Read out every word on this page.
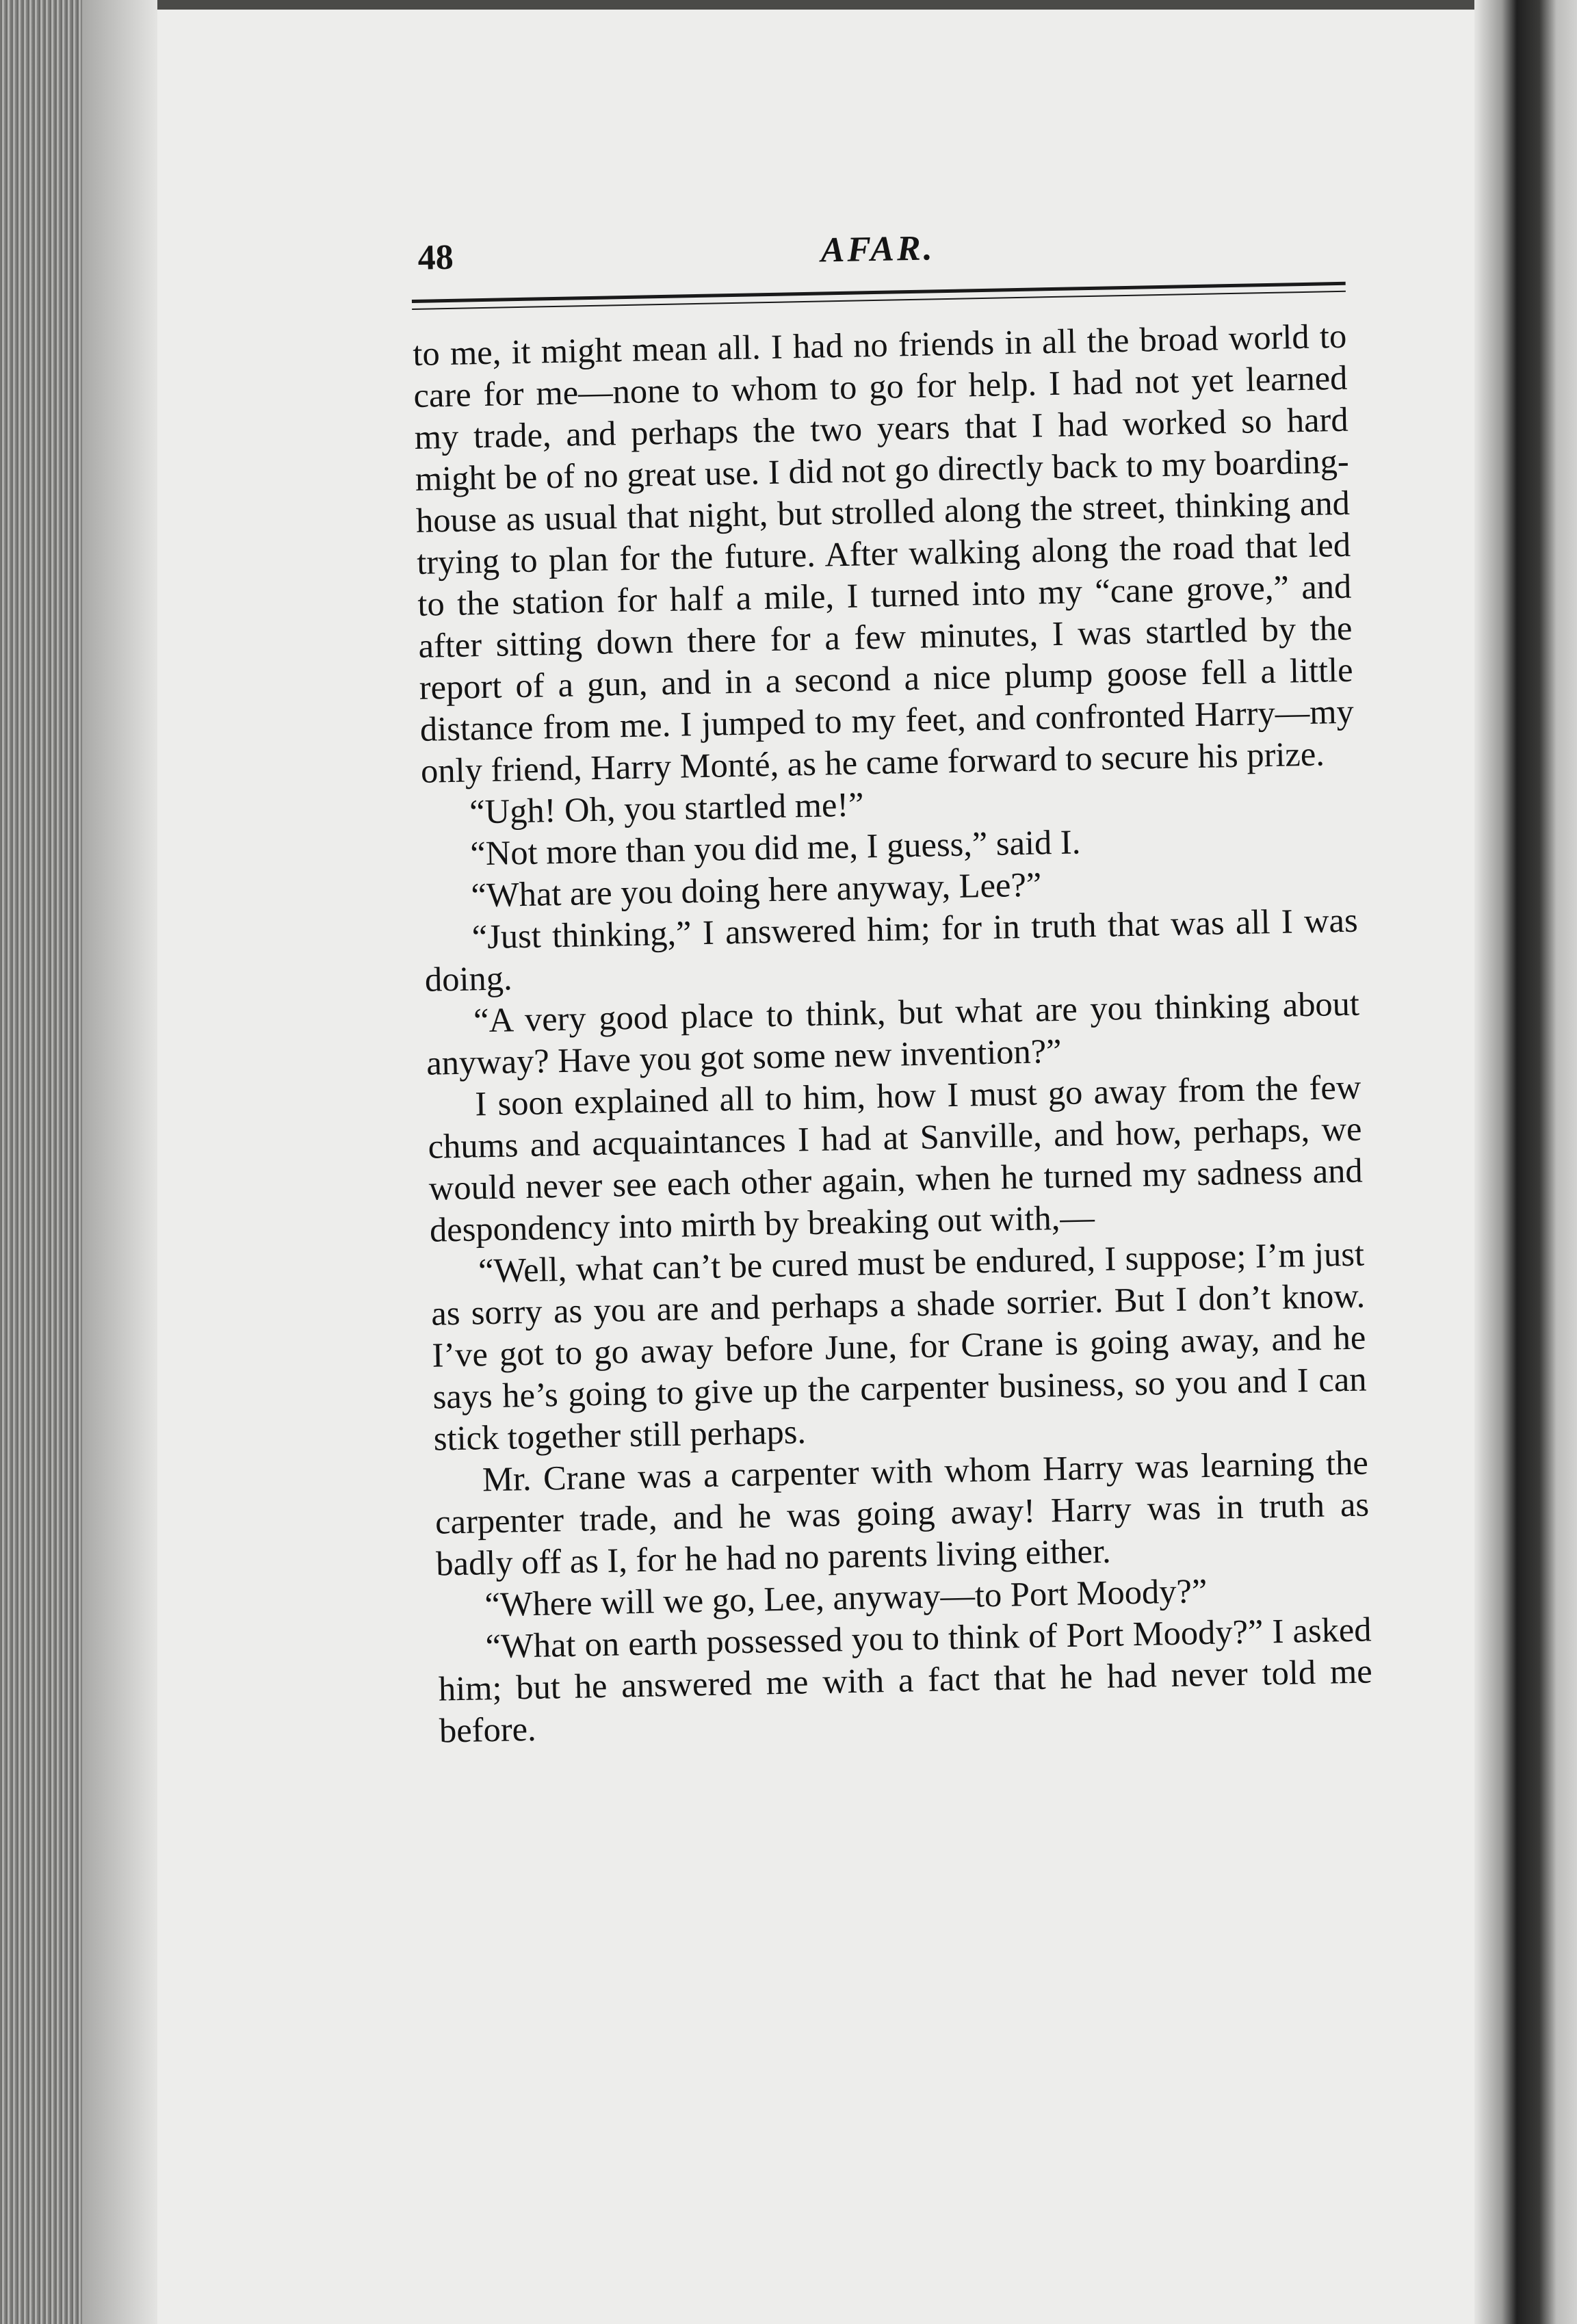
48	AFAR.

to me, it might mean all. I had no friends in all the broad world to care for me—none to whom to go for help. I had not yet learned my trade, and perhaps the two years that I had worked so hard might be of no great use. I did not go directly back to my boarding-house as usual that night, but strolled along the street, thinking and trying to plan for the future. After walking along the road that led to the station for half a mile, I turned into my “cane grove,” and after sitting down there for a few minutes, I was startled by the report of a gun, and in a second a nice plump goose fell a little distance from me. I jumped to my feet, and confronted Harry—my only friend, Harry Monté, as he came forward to secure his prize.

“Ugh! Oh, you startled me!”

“Not more than you did me, I guess,” said I.

“What are you doing here anyway, Lee?”

“Just thinking,” I answered him; for in truth that was all I was doing.

“A very good place to think, but what are you thinking about anyway? Have you got some new invention?”

I soon explained all to him, how I must go away from the few chums and acquaintances I had at Sanville, and how, perhaps, we would never see each other again, when he turned my sadness and despondency into mirth by breaking out with,—

“Well, what can’t be cured must be endured, I suppose; I’m just as sorry as you are and perhaps a shade sorrier. But I don’t know. I’ve got to go away before June, for Crane is going away, and he says he’s going to give up the carpenter business, so you and I can stick together still perhaps.

Mr. Crane was a carpenter with whom Harry was learning the carpenter trade, and he was going away! Harry was in truth as badly off as I, for he had no parents living either.

“Where will we go, Lee, anyway—to Port Moody?”

“What on earth possessed you to think of Port Moody?” I asked him; but he answered me with a fact that he had never told me before.
